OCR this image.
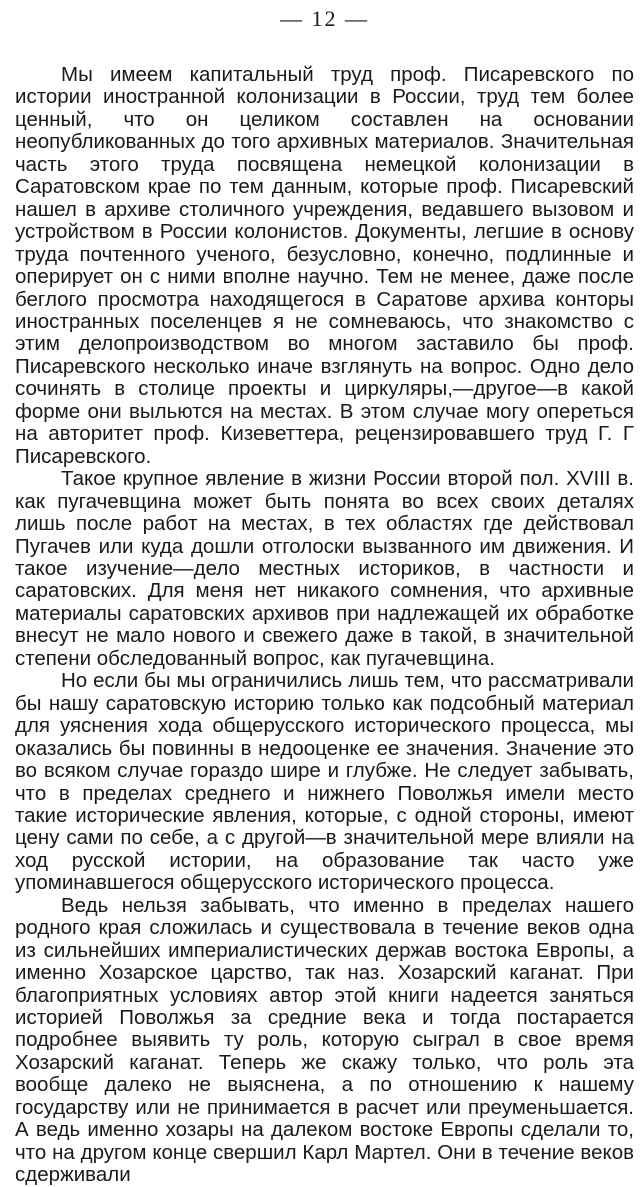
— 12 —

Мы имеем капитальный труд проф. Писаревского по истории иностранной колонизации в России, труд тем более ценный, что он целиком составлен на основании неопубликованных до того архивных материалов. Значительная часть этого труда посвящена немецкой колонизации в Саратовском крае по тем данным, которые проф. Писаревский нашел в архиве столичного учреждения, ведавшего вызовом и устройством в России колонистов. Документы, легшие в основу труда почтенного ученого, безусловно, конечно, подлинные и оперирует он с ними вполне научно. Тем не менее, даже после беглого просмотра находящегося в Саратове архива конторы иностранных поселенцев я не сомневаюсь, что знакомство с этим делопроизводством во многом заставило бы проф. Писаревского несколько иначе взглянуть на вопрос. Одно дело сочинять в столице проекты и циркуляры,—другое—в какой форме они выльются на местах. В этом случае могу опереться на авторитет проф. Кизеветтера, рецензировавшего труд Г. Г Писаревского.

Такое крупное явление в жизни России второй пол. XVIII в. как пугачевщина может быть понята во всех своих деталях лишь после работ на местах, в тех областях где действовал Пугачев или куда дошли отголоски вызванного им движения. И такое изучение—дело местных историков, в частности и саратовских. Для меня нет никакого сомнения, что архивные материалы саратовских архивов при надлежащей их обработке внесут не мало нового и свежего даже в такой, в значительной степени обследованный вопрос, как пугачевщина.

Но если бы мы ограничились лишь тем, что рассматривали бы нашу саратовскую историю только как подсобный материал для уяснения хода общерусского исторического процесса, мы оказались бы повинны в недооценке ее значения. Значение это во всяком случае гораздо шире и глубже. Не следует забывать, что в пределах среднего и нижнего Поволжья имели место такие исторические явления, которые, с одной стороны, имеют цену сами по себе, а с другой—в значительной мере влияли на ход русской истории, на образование так часто уже упоминавшегося общерусского исторического процесса.

Ведь нельзя забывать, что именно в пределах нашего родного края сложилась и существовала в течение веков одна из сильнейших империалистических держав востока Европы, а именно Хозарское царство, так наз. Хозарский каганат. При благоприятных условиях автор этой книги надеется заняться историей Поволжья за средние века и тогда постарается подробнее выявить ту роль, которую сыграл в свое время Хозарский каганат. Теперь же скажу только, что роль эта вообще далеко не выяснена, а по отношению к нашему государству или не принимается в расчет или преуменьшается. А ведь именно хозары на далеком востоке Европы сделали то, что на другом конце свершил Карл Мартел. Они в течение веков сдерживали
